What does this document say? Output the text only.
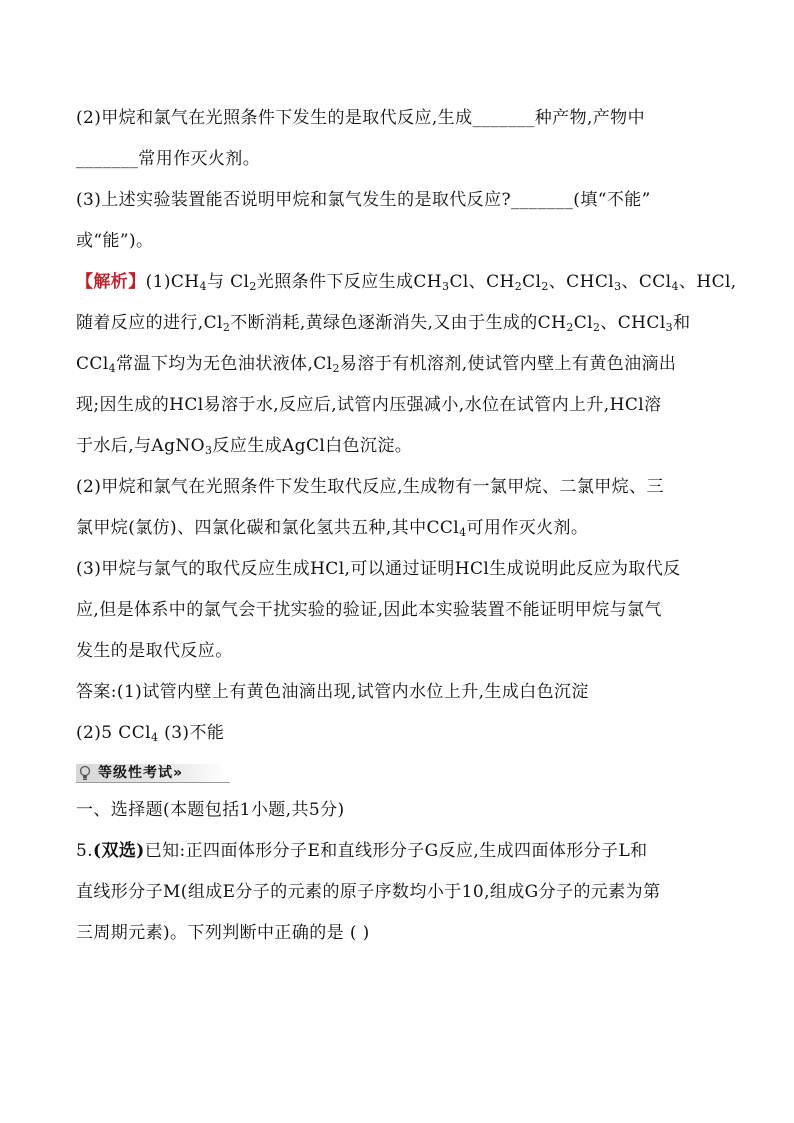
(2)甲烷和氯气在光照条件下发生的是取代反应,生成_______种产物,产物中
_______常用作灭火剂。
(3)上述实验装置能否说明甲烷和氯气发生的是取代反应?_______(填“不能”
或“能”)。
【解析】$(1)CH_4$与 $Cl_2$光照条件下反应生成$CH_3Cl$、$CH_2Cl_2$、CHCl$_3$、CCl$_4$、HCl,
随着反应的进行$,Cl_2$不断消耗,黄绿色逐渐消失,又由于生成的$CH_2Cl_2$、CHCl$_3$和
CCl$_4$常温下均为无色油状液体$,Cl_2$易溶于有机溶剂,使试管内壁上有黄色油滴出
现;因生成的HCl易溶于水,反应后,试管内压强减小,水位在试管内上升,HCl溶
于水后,与AgNO$_3$反应生成AgCl白色沉淀。
(2)甲烷和氯气在光照条件下发生取代反应,生成物有一氯甲烷、二氯甲烷、三
氯甲烷(氯仿)、四氯化碳和氯化氢共五种,其中CCl$_4$可用作灭火剂。
(3)甲烷与氯气的取代反应生成HCl,可以通过证明HCl生成说明此反应为取代反
应,但是体系中的氯气会干扰实验的验证,因此本实验装置不能证明甲烷与氯气
发生的是取代反应。
答案:(1)试管内壁上有黄色油滴出现,试管内水位上升,生成白色沉淀
(2)5 CCl$_4$ (3)不能
等级性考试»
一、选择题(本题包括1小题,共5分)
5.(双选)已知:正四面体形分子E和直线形分子G反应,生成四面体形分子L和
直线形分子M(组成E分子的元素的原子序数均小于10,组成G分子的元素为第
三周期元素)。下列判断中正确的是 ( )
